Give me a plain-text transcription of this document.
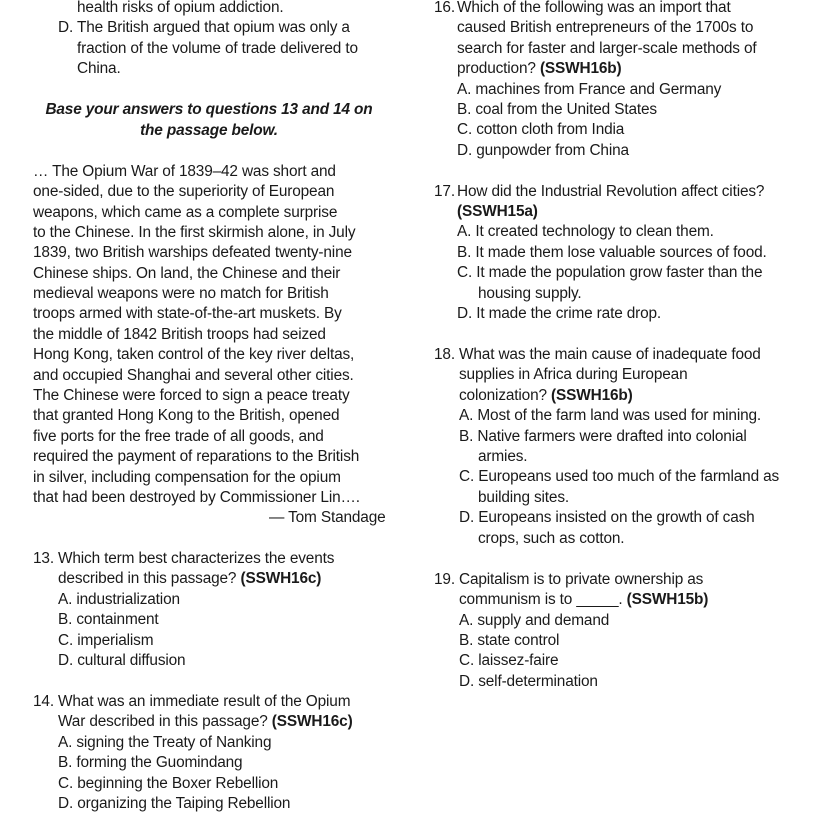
health risks of opium addiction.
D. The British argued that opium was only a
fraction of the volume of trade delivered to
China.
Base your answers to questions 13 and 14 on
the passage below.
… The Opium War of 1839–42 was short and
one-sided, due to the superiority of European
weapons, which came as a complete surprise
to the Chinese. In the first skirmish alone, in July
1839, two British warships defeated twenty-nine
Chinese ships. On land, the Chinese and their
medieval weapons were no match for British
troops armed with state-of-the-art muskets. By
the middle of 1842 British troops had seized
Hong Kong, taken control of the key river deltas,
and occupied Shanghai and several other cities.
The Chinese were forced to sign a peace treaty
that granted Hong Kong to the British, opened
five ports for the free trade of all goods, and
required the payment of reparations to the British
in silver, including compensation for the opium
that had been destroyed by Commissioner Lin….
— Tom Standage
13. Which term best characterizes the events
described in this passage? (SSWH16c)
A. industrialization
B. containment
C. imperialism
D. cultural diffusion
14. What was an immediate result of the Opium
War described in this passage? (SSWH16c)
A. signing the Treaty of Nanking
B. forming the Guomindang
C. beginning the Boxer Rebellion
D. organizing the Taiping Rebellion
16. Which of the following was an import that
caused British entrepreneurs of the 1700s to
search for faster and larger-scale methods of
production? (SSWH16b)
A. machines from France and Germany
B. coal from the United States
C. cotton cloth from India
D. gunpowder from China
17. How did the Industrial Revolution affect cities?
(SSWH15a)
A. It created technology to clean them.
B. It made them lose valuable sources of food.
C. It made the population grow faster than the
housing supply.
D. It made the crime rate drop.
18. What was the main cause of inadequate food
supplies in Africa during European
colonization? (SSWH16b)
A. Most of the farm land was used for mining.
B. Native farmers were drafted into colonial
armies.
C. Europeans used too much of the farmland as
building sites.
D. Europeans insisted on the growth of cash
crops, such as cotton.
19. Capitalism is to private ownership as
communism is to _____. (SSWH15b)
A. supply and demand
B. state control
C. laissez-faire
D. self-determination
